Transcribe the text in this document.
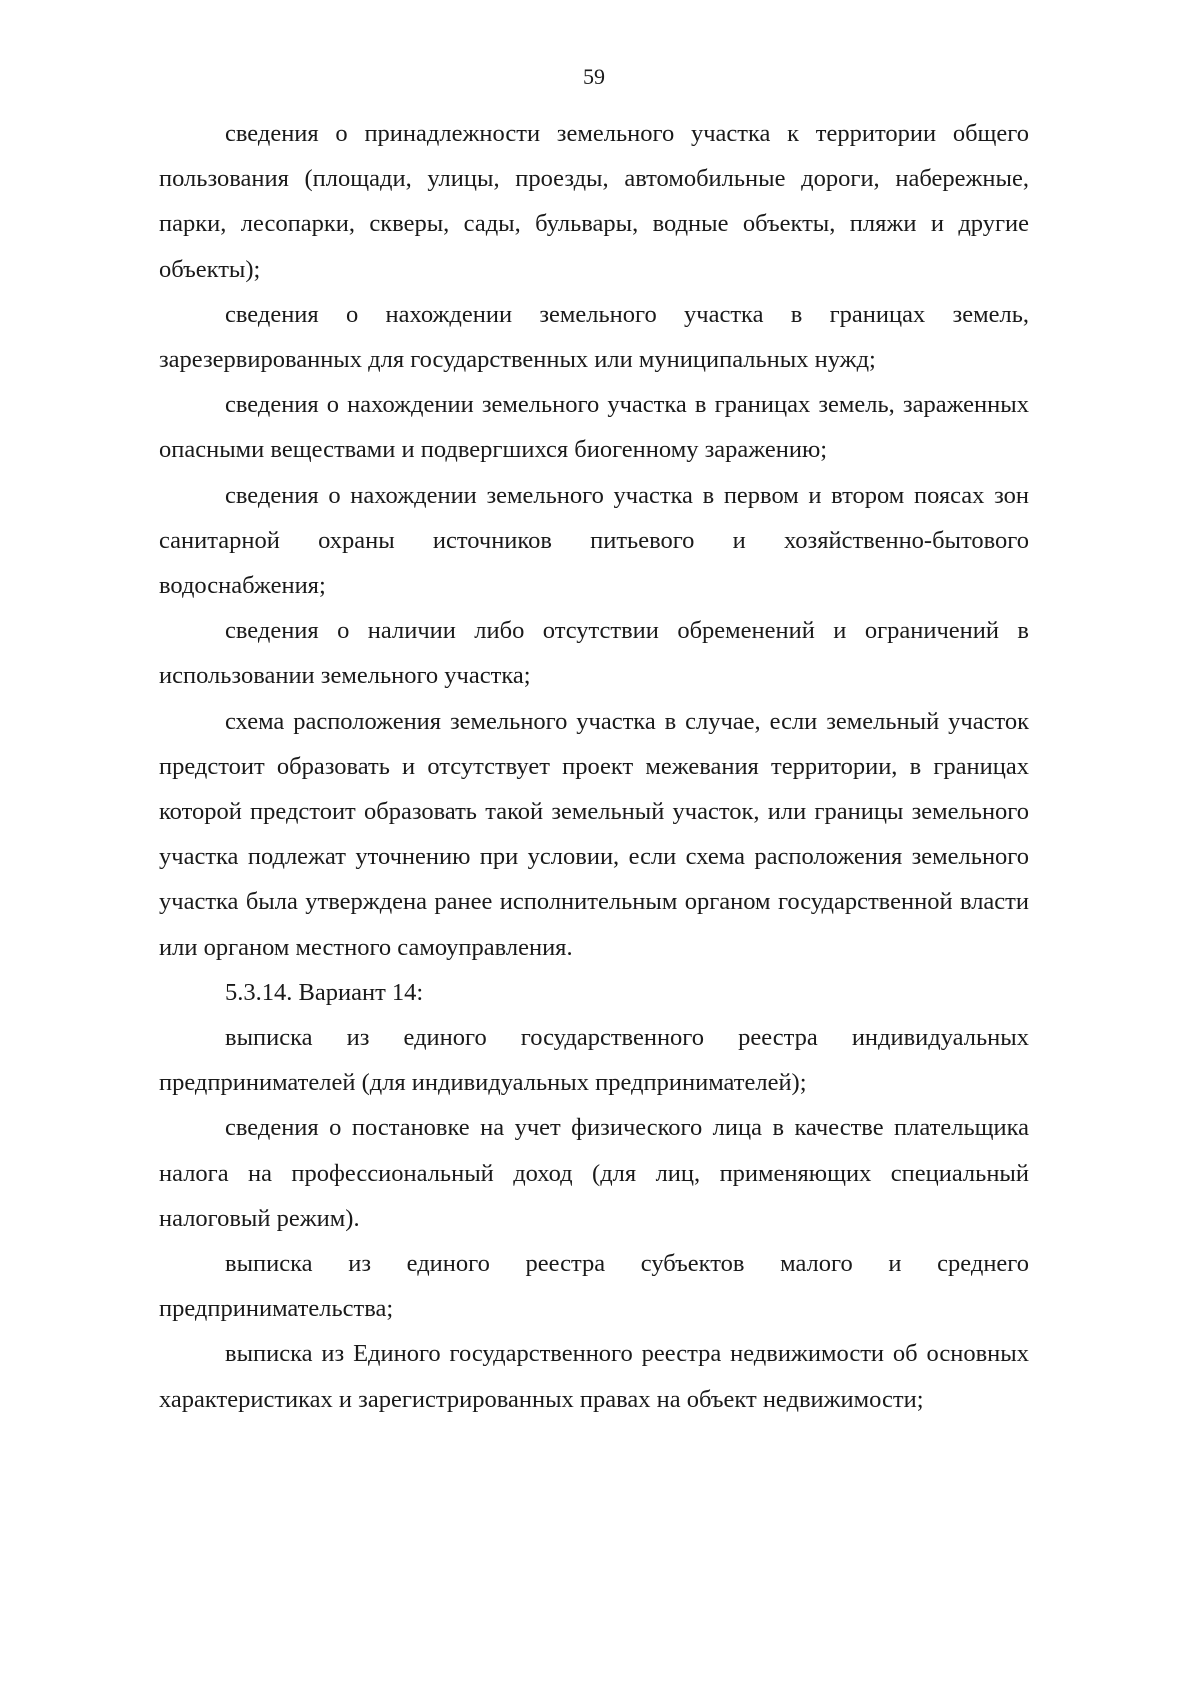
59

сведения о принадлежности земельного участка к территории общего пользования (площади, улицы, проезды, автомобильные дороги, набережные, парки, лесопарки, скверы, сады, бульвары, водные объекты, пляжи и другие объекты);

сведения о нахождении земельного участка в границах земель, зарезервированных для государственных или муниципальных нужд;

сведения о нахождении земельного участка в границах земель, зараженных опасными веществами и подвергшихся биогенному заражению;

сведения о нахождении земельного участка в первом и втором поясах зон санитарной охраны источников питьевого и хозяйственно-бытового водоснабжения;

сведения о наличии либо отсутствии обременений и ограничений в использовании земельного участка;

схема расположения земельного участка в случае, если земельный участок предстоит образовать и отсутствует проект межевания территории, в границах которой предстоит образовать такой земельный участок, или границы земельного участка подлежат уточнению при условии, если схема расположения земельного участка была утверждена ранее исполнительным органом государственной власти или органом местного самоуправления.

5.3.14. Вариант 14:

выписка из единого государственного реестра индивидуальных предпринимателей (для индивидуальных предпринимателей);

сведения о постановке на учет физического лица в качестве плательщика налога на профессиональный доход (для лиц, применяющих специальный налоговый режим).

выписка из единого реестра субъектов малого и среднего предпринимательства;

выписка из Единого государственного реестра недвижимости об основных характеристиках и зарегистрированных правах на объект недвижимости;
